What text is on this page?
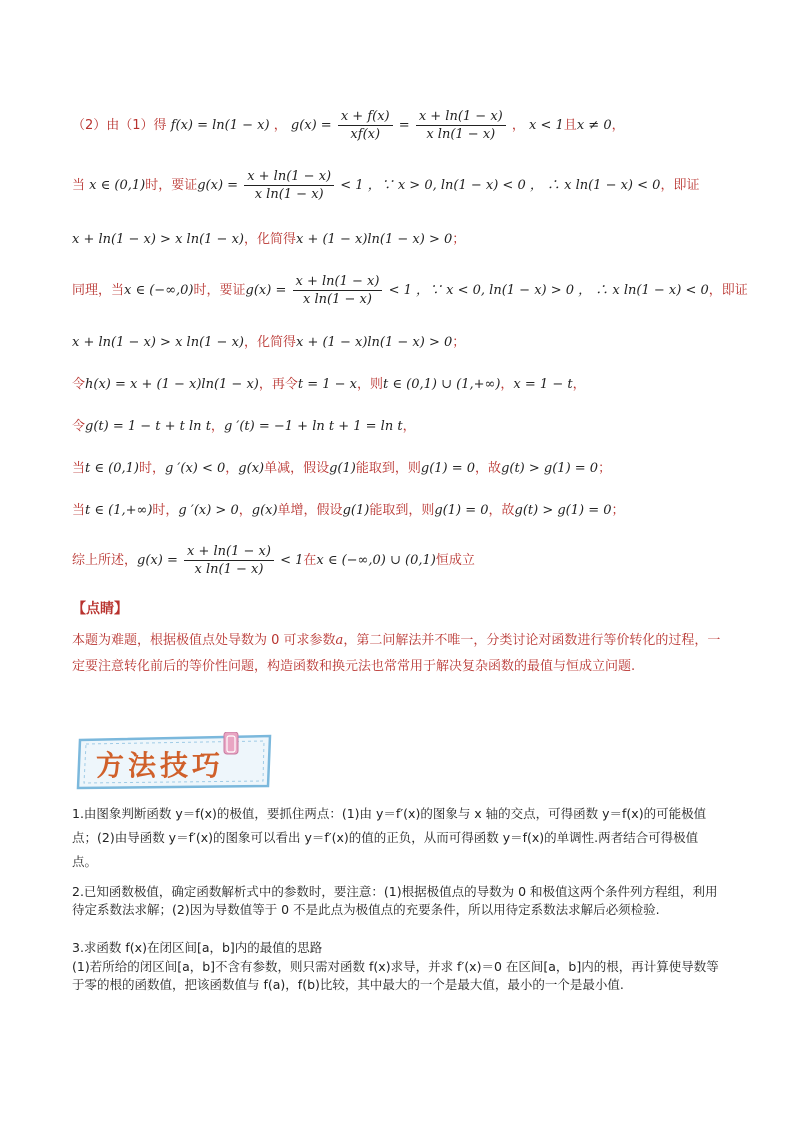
（2）由（1）得 f(x) = ln(1 − x) ， $g(x) = \frac{x + f(x)}{xf(x)} = \frac{x + \ln(1 - x)}{\text{x ln(1 − x)}}$ ， x < 1且x ≠ 0，
当 x ∈ (0,1)时，要证$g(x) = \frac{x + \ln(1 - x)}{\text{x ln(1 − x)}} < 1$ ，∵ x > 0, ln(1 − x) < 0 ， ∴ x ln(1 − x) < 0，即证
x + ln(1 − x) > x ln(1 − x)，化简得x + (1 − x)ln(1 − x) > 0；
同理，当x ∈ (−∞,0)时，要证$g(x) = \frac{x + \ln(1 - x)}{\text{x ln(1 − x)}} < 1$ ，∵ x < 0, ln(1 − x) > 0 ， ∴ x ln(1 − x) < 0，即证
x + ln(1 − x) > x ln(1 − x)，化简得x + (1 − x)ln(1 − x) > 0；
令h(x) = x + (1 − x)ln(1 − x)，再令t = 1 − x，则t ∈ (0,1) ∪ (1,+∞)，x = 1 − t，
令g(t) = 1 − t + t ln t，g ′(t) = −1 + ln t + 1 = ln t，
当t ∈ (0,1)时，g ′(x) < 0，g(x)单减，假设g(1)能取到，则g(1) = 0，故g(t) > g(1) = 0；
当t ∈ (1,+∞)时，g ′(x) > 0，g(x)单增，假设g(1)能取到，则g(1) = 0，故g(t) > g(1) = 0；
综上所述，$g(x) = \frac{x + \ln(1 - x)}{\text{x ln(1 − x)}} < 1$在x ∈ (−∞,0) ∪ (0,1)恒成立
【点睛】
本题为难题，根据极值点处导数为 0 可求参数a，第二问解法并不唯一，分类讨论对函数进行等价转化的过程，一定要注意转化前后的等价性问题，构造函数和换元法也常常用于解决复杂函数的最值与恒成立问题.
方法技巧
1.由图象判断函数 y＝f(x)的极值，要抓住两点：(1)由 y＝f′(x)的图象与 x 轴的交点，可得函数 y＝f(x)的可能极值点；(2)由导函数 y＝f′(x)的图象可以看出 y＝f′(x)的值的正负，从而可得函数 y＝f(x)的单调性.两者结合可得极值点。
2.已知函数极值，确定函数解析式中的参数时，要注意：(1)根据极值点的导数为 0 和极值这两个条件列方程组，利用待定系数法求解；(2)因为导数值等于 0 不是此点为极值点的充要条件，所以用待定系数法求解后必须检验.
3.求函数 f(x)在闭区间[a，b]内的最值的思路
(1)若所给的闭区间[a，b]不含有参数，则只需对函数 f(x)求导，并求 f′(x)＝0 在区间[a，b]内的根，再计算使导数等于零的根的函数值，把该函数值与 f(a)，f(b)比较，其中最大的一个是最大值，最小的一个是最小值.
